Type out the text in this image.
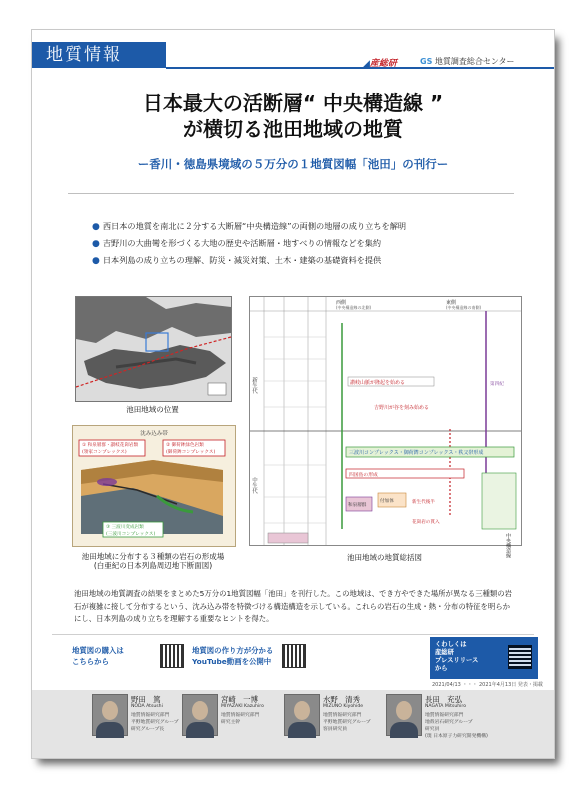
地質情報	◢産総研	GS 地質調査総合センター
日本最大の活断層“ 中央構造線 ”
が横切る池田地域の地質
ー香川・徳島県境域の５万分の１地質図幅「池田」の刊行ー
● 西日本の地質を南北に２分する大断層“中央構造線”の両側の地層の成り立ちを解明
● 吉野川の大曲彎を形づくる大地の歴史や活断層・地すべりの情報などを集約
● 日本列島の成り立ちの理解、防災・減災対策、土木・建築の基礎資料を提供
池田地域の位置
沈み込み帯
① 和泉層群・讃岐花崗岩類
(領家コンプレックス)
② 御荷鉾緑色岩類
(御荷鉾コンプレックス)
③ 三波川変成岩類
(三波川コンプレックス)
池田地域に分布する３種類の岩石の形成場
(白亜紀の日本列島周辺地下断面図)
新生代
中生代
西側
(中央構造線の北側)
東側
(中央構造線の南側)
讃岐山脈が隆起を始める
吉野川が谷を刻み始める
第四紀
三波川コンプレックス・御荷鉾コンプレックス・秩父帯形成
四国島の形成
和泉層群
付加体	新生代後半
花崗岩の貫入
中央構造線
池田地域の地質総括図
池田地域の地質調査の結果をまとめた5万分の1地質図幅「池田」を刊行した。この地域は、でき方やできた場所が異なる三種類の岩石が複雑に接して分布するという、沈み込み帯を特徴づける構造構造を示している。これらの岩石の生成・熱・分布の特征を明らかにし、日本列島の成り立ちを理解する重要なヒントを得た。
地質図の購入は
こちらから
地質図の作り方が分かる
YouTube動画を公開中
くわしくは
産総研
プレスリリース
から
2021/04/13 ・・・ 2021年4月13日 発表・掲載
野田　篤
NODA Atsushi
地質情報研究部門
平野地質研究グループ
研究グループ長
宮崎　一博
MIYAZAKI Kazuhiro
地質情報研究部門
研究主幹
水野　清秀
MIZUNO Kiyohide
地質情報研究部門
平野地質研究グループ
客員研究員
長田　充弘
NAGATA Mitsuhiro
地質情報研究部門
地殻岩石研究グループ
研究員
(現 日本原子力研究開発機構)
